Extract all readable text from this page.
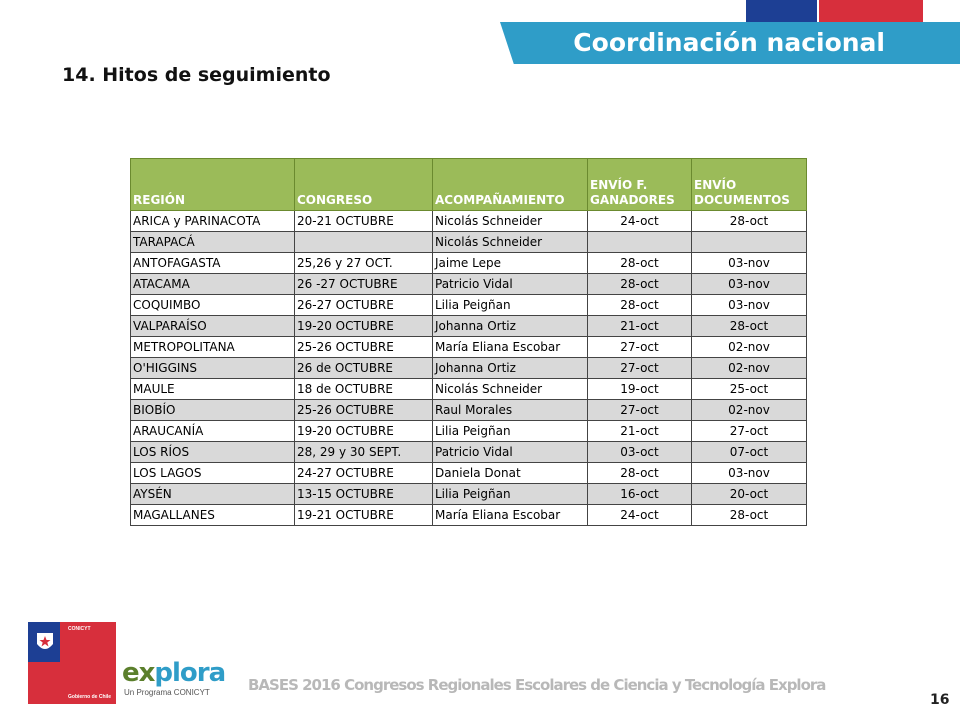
Coordinación nacional
14. Hitos de seguimiento
REGIÓN	CONGRESO	ACOMPAÑAMIENTO	ENVÍO F. GANADORES	ENVÍO DOCUMENTOS
ARICA y PARINACOTA	20-21 OCTUBRE	Nicolás Schneider	24-oct	28-oct
TARAPACÁ		Nicolás Schneider		
ANTOFAGASTA	25,26 y 27 OCT.	Jaime Lepe	28-oct	03-nov
ATACAMA	26 -27 OCTUBRE	Patricio Vidal	28-oct	03-nov
COQUIMBO	26-27 OCTUBRE	Lilia Peigñan	28-oct	03-nov
VALPARAÍSO	19-20 OCTUBRE	Johanna Ortiz	21-oct	28-oct
METROPOLITANA	25-26 OCTUBRE	María Eliana Escobar	27-oct	02-nov
O'HIGGINS	26 de OCTUBRE	Johanna Ortiz	27-oct	02-nov
MAULE	18 de OCTUBRE	Nicolás Schneider	19-oct	25-oct
BIOBÍO	25-26 OCTUBRE	Raul Morales	27-oct	02-nov
ARAUCANÍA	19-20 OCTUBRE	Lilia Peigñan	21-oct	27-oct
LOS RÍOS	28, 29 y 30 SEPT.	Patricio Vidal	03-oct	07-oct
LOS LAGOS	24-27 OCTUBRE	Daniela Donat	28-oct	03-nov
AYSÉN	13-15 OCTUBRE	Lilia Peigñan	16-oct	20-oct
MAGALLANES	19-21 OCTUBRE	María Eliana Escobar	24-oct	28-oct
CONICYT
Gobierno de Chile
explora
Un Programa CONICYT	BASES 2016 Congresos Regionales Escolares de Ciencia y Tecnología Explora
16
